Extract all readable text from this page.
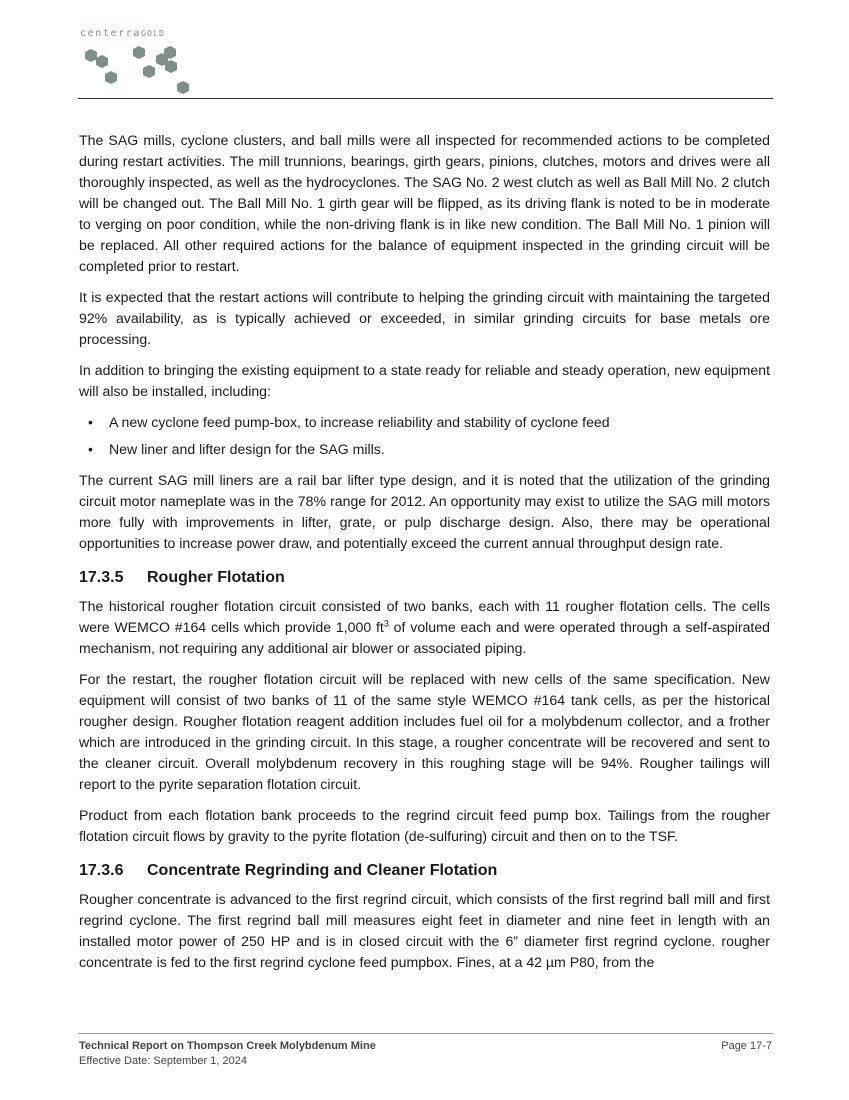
centerraGOLD

The SAG mills, cyclone clusters, and ball mills were all inspected for recommended actions to be completed during restart activities. The mill trunnions, bearings, girth gears, pinions, clutches, motors and drives were all thoroughly inspected, as well as the hydrocyclones. The SAG No. 2 west clutch as well as Ball Mill No. 2 clutch will be changed out. The Ball Mill No. 1 girth gear will be flipped, as its driving flank is noted to be in moderate to verging on poor condition, while the non-driving flank is in like new condition. The Ball Mill No. 1 pinion will be replaced. All other required actions for the balance of equipment inspected in the grinding circuit will be completed prior to restart.

It is expected that the restart actions will contribute to helping the grinding circuit with maintaining the targeted 92% availability, as is typically achieved or exceeded, in similar grinding circuits for base metals ore processing.

In addition to bringing the existing equipment to a state ready for reliable and steady operation, new equipment will also be installed, including:

• A new cyclone feed pump-box, to increase reliability and stability of cyclone feed
• New liner and lifter design for the SAG mills.

The current SAG mill liners are a rail bar lifter type design, and it is noted that the utilization of the grinding circuit motor nameplate was in the 78% range for 2012. An opportunity may exist to utilize the SAG mill motors more fully with improvements in lifter, grate, or pulp discharge design. Also, there may be operational opportunities to increase power draw, and potentially exceed the current annual throughput design rate.

17.3.5 Rougher Flotation

The historical rougher flotation circuit consisted of two banks, each with 11 rougher flotation cells. The cells were WEMCO #164 cells which provide 1,000 $ft^3$ of volume each and were operated through a self-aspirated mechanism, not requiring any additional air blower or associated piping.

For the restart, the rougher flotation circuit will be replaced with new cells of the same specification. New equipment will consist of two banks of 11 of the same style WEMCO #164 tank cells, as per the historical rougher design. Rougher flotation reagent addition includes fuel oil for a molybdenum collector, and a frother which are introduced in the grinding circuit. In this stage, a rougher concentrate will be recovered and sent to the cleaner circuit. Overall molybdenum recovery in this roughing stage will be 94%. Rougher tailings will report to the pyrite separation flotation circuit.

Product from each flotation bank proceeds to the regrind circuit feed pump box. Tailings from the rougher flotation circuit flows by gravity to the pyrite flotation (de-sulfuring) circuit and then on to the TSF.

17.3.6 Concentrate Regrinding and Cleaner Flotation

Rougher concentrate is advanced to the first regrind circuit, which consists of the first regrind ball mill and first regrind cyclone. The first regrind ball mill measures eight feet in diameter and nine feet in length with an installed motor power of 250 HP and is in closed circuit with the 6” diameter first regrind cyclone. rougher concentrate is fed to the first regrind cyclone feed pumpbox. Fines, at a 42 µm P80, from the

Technical Report on Thompson Creek Molybdenum Mine
Effective Date: September 1, 2024
Page 17-7
